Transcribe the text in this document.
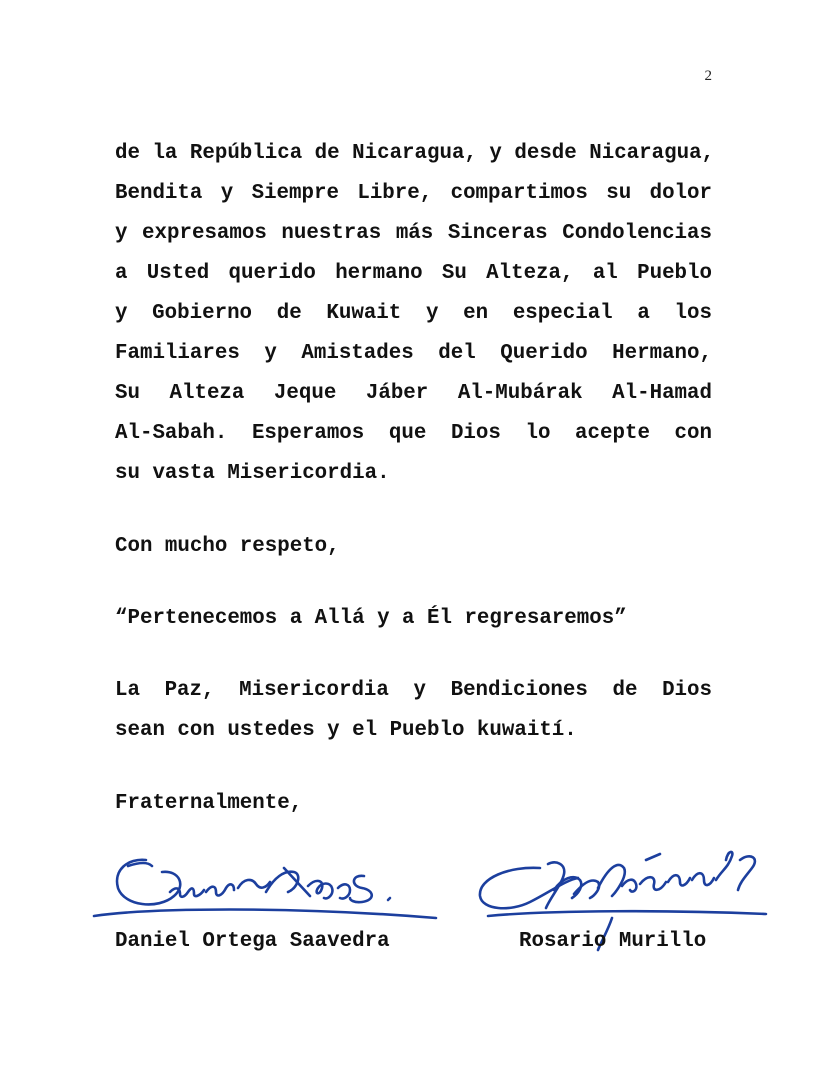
2
de la República de Nicaragua, y desde Nicaragua,
Bendita y Siempre Libre, compartimos su dolor
y expresamos nuestras más Sinceras Condolencias
a Usted querido hermano Su Alteza, al Pueblo
y Gobierno de Kuwait y en especial a los
Familiares y Amistades del Querido Hermano,
Su Alteza Jeque Jáber Al-Mubárak Al-Hamad
Al-Sabah. Esperamos que Dios lo acepte con
su vasta Misericordia.
Con mucho respeto,
“Pertenecemos a Allá y a Él regresaremos”
La Paz, Misericordia y Bendiciones de Dios
sean con ustedes y el Pueblo kuwaití.
Fraternalmente,
Daniel Ortega Saavedra	Rosario Murillo
